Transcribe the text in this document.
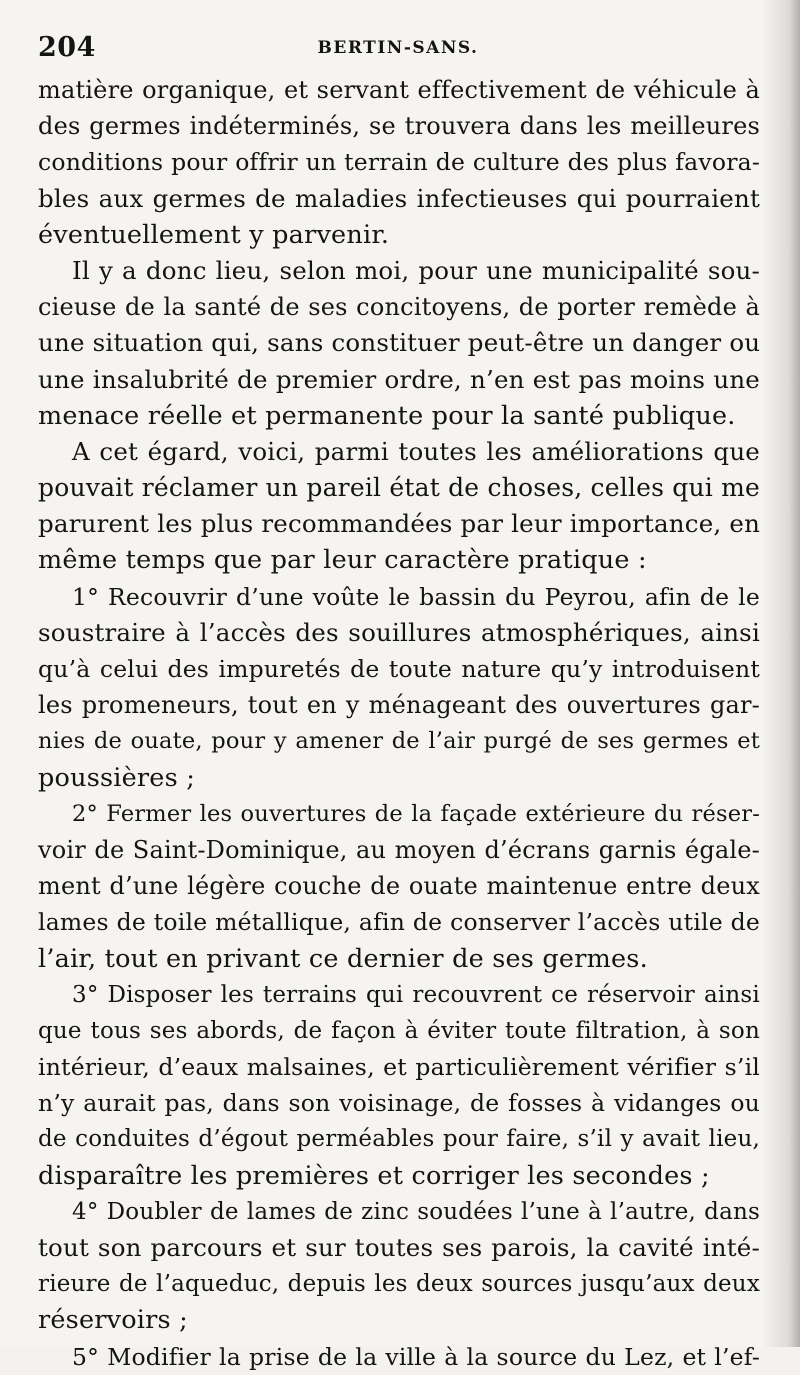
204	BERTIN-SANS.
matière organique, et servant effectivement de véhicule à
des germes indéterminés, se trouvera dans les meilleures
conditions pour offrir un terrain de culture des plus favora-
bles aux germes de maladies infectieuses qui pourraient
éventuellement y parvenir.
Il y a donc lieu, selon moi, pour une municipalité sou-
cieuse de la santé de ses concitoyens, de porter remède à
une situation qui, sans constituer peut-être un danger ou
une insalubrité de premier ordre, n’en est pas moins une
menace réelle et permanente pour la santé publique.
A cet égard, voici, parmi toutes les améliorations que
pouvait réclamer un pareil état de choses, celles qui me
parurent les plus recommandées par leur importance, en
même temps que par leur caractère pratique :
1° Recouvrir d’une voûte le bassin du Peyrou, afin de le
soustraire à l’accès des souillures atmosphériques, ainsi
qu’à celui des impuretés de toute nature qu’y introduisent
les promeneurs, tout en y ménageant des ouvertures gar-
nies de ouate, pour y amener de l’air purgé de ses germes et
poussières ;
2° Fermer les ouvertures de la façade extérieure du réser-
voir de Saint-Dominique, au moyen d’écrans garnis égale-
ment d’une légère couche de ouate maintenue entre deux
lames de toile métallique, afin de conserver l’accès utile de
l’air, tout en privant ce dernier de ses germes.
3° Disposer les terrains qui recouvrent ce réservoir ainsi
que tous ses abords, de façon à éviter toute filtration, à son
intérieur, d’eaux malsaines, et particulièrement vérifier s’il
n’y aurait pas, dans son voisinage, de fosses à vidanges ou
de conduites d’égout perméables pour faire, s’il y avait lieu,
disparaître les premières et corriger les secondes ;
4° Doubler de lames de zinc soudées l’une à l’autre, dans
tout son parcours et sur toutes ses parois, la cavité inté-
rieure de l’aqueduc, depuis les deux sources jusqu’aux deux
réservoirs ;
5° Modifier la prise de la ville à la source du Lez, et l’ef-
